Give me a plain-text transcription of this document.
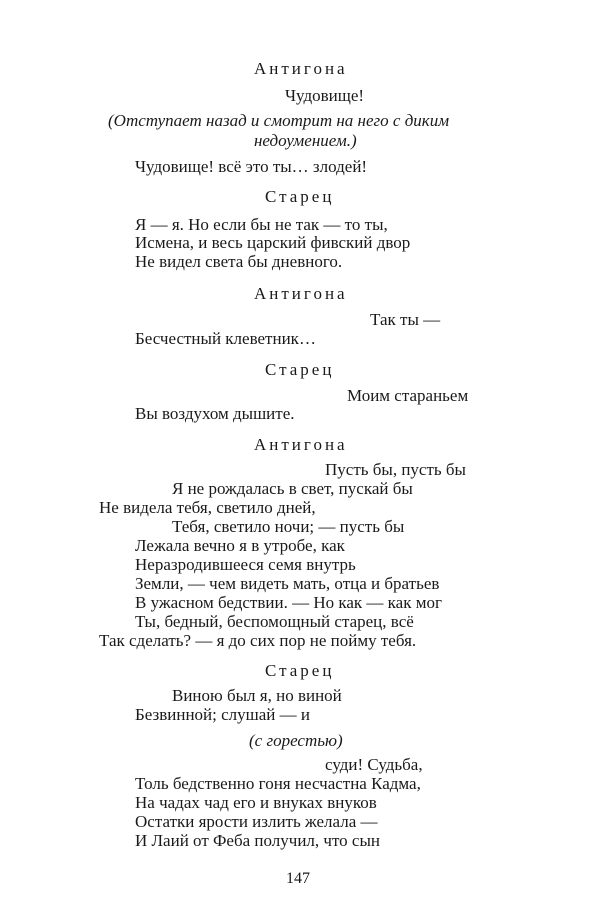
Антигона
Чудовище!
(Отступает назад и смотрит на него с диким
недоумением.)
Чудовище! всё это ты… злодей!
Старец
Я — я. Но если бы не так — то ты,
Исмена, и весь царский фивский двор
Не видел света бы дневного.
Антигона
Так ты —
Бесчестный клеветник…
Старец
Моим стараньем
Вы воздухом дышите.
Антигона
Пусть бы, пусть бы
Я не рождалась в свет, пускай бы
Не видела тебя, светило дней,
Тебя, светило ночи; — пусть бы
Лежала вечно я в утробе, как
Неразродившееся семя внутрь
Земли, — чем видеть мать, отца и братьев
В ужасном бедствии. — Но как — как мог
Ты, бедный, беспомощный старец, всё
Так сделать? — я до сих пор не пойму тебя.
Старец
Виною был я, но виной
Безвинной; слушай — и
(с горестью)
суди! Судьба,
Толь бедственно гоня несчастна Кадма,
На чадах чад его и внуках внуков
Остатки ярости излить желала —
И Лаий от Феба получил, что сын
147
